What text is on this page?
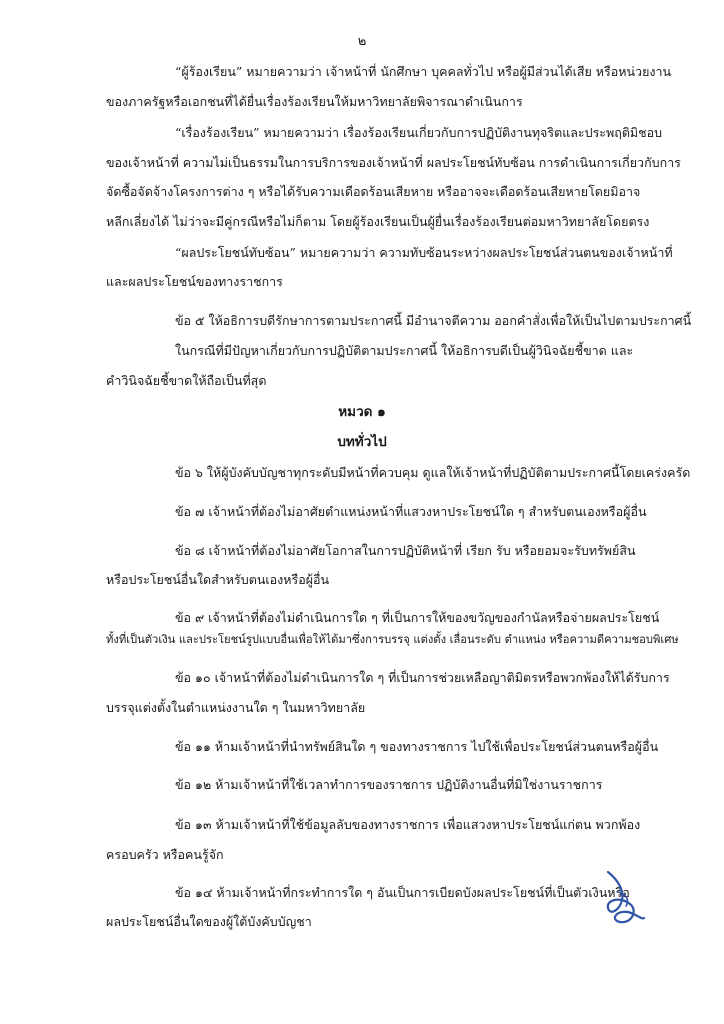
๒
“ผู้ร้องเรียน” หมายความว่า เจ้าหน้าที่ นักศึกษา บุคคลทั่วไป หรือผู้มีส่วนได้เสีย หรือหน่วยงาน
ของภาครัฐหรือเอกชนที่ได้ยื่นเรื่องร้องเรียนให้มหาวิทยาลัยพิจารณาดำเนินการ
“เรื่องร้องเรียน” หมายความว่า เรื่องร้องเรียนเกี่ยวกับการปฏิบัติงานทุจริตและประพฤติมิชอบ
ของเจ้าหน้าที่ ความไม่เป็นธรรมในการบริการของเจ้าหน้าที่ ผลประโยชน์ทับซ้อน การดำเนินการเกี่ยวกับการ
จัดซื้อจัดจ้างโครงการต่าง ๆ หรือได้รับความเดือดร้อนเสียหาย หรืออาจจะเดือดร้อนเสียหายโดยมิอาจ
หลีกเลี่ยงได้ ไม่ว่าจะมีคู่กรณีหรือไม่ก็ตาม โดยผู้ร้องเรียนเป็นผู้ยื่นเรื่องร้องเรียนต่อมหาวิทยาลัยโดยตรง
“ผลประโยชน์ทับซ้อน” หมายความว่า ความทับซ้อนระหว่างผลประโยชน์ส่วนตนของเจ้าหน้าที่
และผลประโยชน์ของทางราชการ
ข้อ ๕ ให้อธิการบดีรักษาการตามประกาศนี้ มีอำนาจตีความ ออกคำสั่งเพื่อให้เป็นไปตามประกาศนี้
ในกรณีที่มีปัญหาเกี่ยวกับการปฏิบัติตามประกาศนี้ ให้อธิการบดีเป็นผู้วินิจฉัยชี้ขาด และ
คำวินิจฉัยชี้ขาดให้ถือเป็นที่สุด
หมวด ๑
บททั่วไป
ข้อ ๖ ให้ผู้บังคับบัญชาทุกระดับมีหน้าที่ควบคุม ดูแลให้เจ้าหน้าที่ปฏิบัติตามประกาศนี้โดยเคร่งครัด
ข้อ ๗ เจ้าหน้าที่ต้องไม่อาศัยตำแหน่งหน้าที่แสวงหาประโยชน์ใด ๆ สำหรับตนเองหรือผู้อื่น
ข้อ ๘ เจ้าหน้าที่ต้องไม่อาศัยโอกาสในการปฏิบัติหน้าที่ เรียก รับ หรือยอมจะรับทรัพย์สิน
หรือประโยชน์อื่นใดสำหรับตนเองหรือผู้อื่น
ข้อ ๙ เจ้าหน้าที่ต้องไม่ดำเนินการใด ๆ ที่เป็นการให้ของขวัญของกำนัลหรือจ่ายผลประโยชน์
ทั้งที่เป็นตัวเงิน และประโยชน์รูปแบบอื่นเพื่อให้ได้มาซึ่งการบรรจุ แต่งตั้ง เลื่อนระดับ ตำแหน่ง หรือความดีความชอบพิเศษ
ข้อ ๑๐ เจ้าหน้าที่ต้องไม่ดำเนินการใด ๆ ที่เป็นการช่วยเหลือญาติมิตรหรือพวกพ้องให้ได้รับการ
บรรจุแต่งตั้งในตำแหน่งงานใด ๆ ในมหาวิทยาลัย
ข้อ ๑๑ ห้ามเจ้าหน้าที่นำทรัพย์สินใด ๆ ของทางราชการ ไปใช้เพื่อประโยชน์ส่วนตนหรือผู้อื่น
ข้อ ๑๒ ห้ามเจ้าหน้าที่ใช้เวลาทำการของราชการ ปฏิบัติงานอื่นที่มิใช่งานราชการ
ข้อ ๑๓ ห้ามเจ้าหน้าที่ใช้ข้อมูลลับของทางราชการ เพื่อแสวงหาประโยชน์แก่ตน พวกพ้อง
ครอบครัว หรือคนรู้จัก
ข้อ ๑๔ ห้ามเจ้าหน้าที่กระทำการใด ๆ อันเป็นการเบียดบังผลประโยชน์ที่เป็นตัวเงินหรือ
ผลประโยชน์อื่นใดของผู้ใต้บังคับบัญชา
